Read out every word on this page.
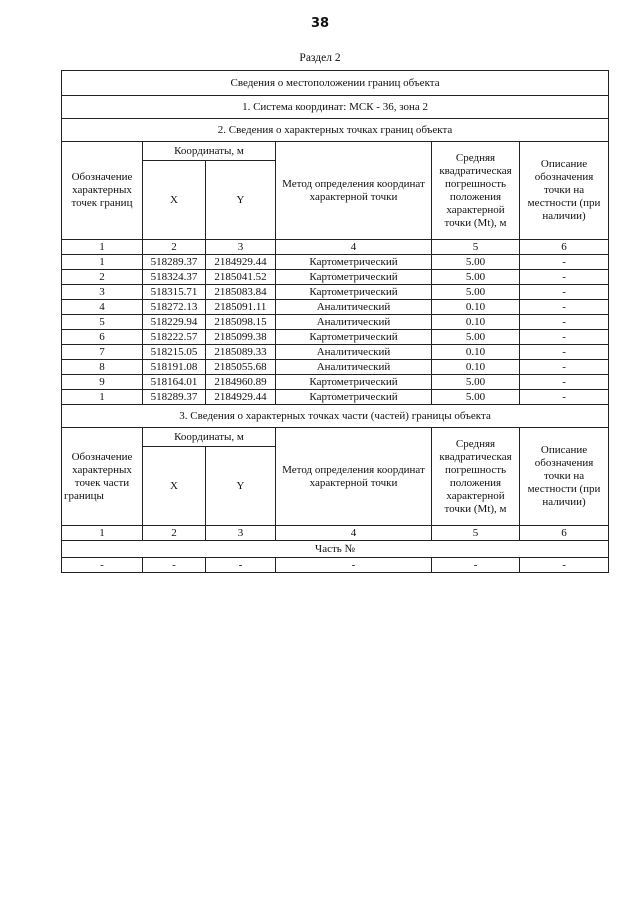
38
Раздел 2
Сведения о местоположении границ объекта					
1. Система координат: МСК - 36, зона 2					
2. Сведения о характерных точках границ объекта					
Обозначение характерных точек границ	Координаты, м		Метод определения координат характерной точки	Средняя квадратическая погрешность положения характерной точки (Mt), м	Описание обозначения точки на местности (при наличии)
	X	Y			
1	2	3	4	5	6
1	518289.37	2184929.44	Картометрический	5.00	-
2	518324.37	2185041.52	Картометрический	5.00	-
3	518315.71	2185083.84	Картометрический	5.00	-
4	518272.13	2185091.11	Аналитический	0.10	-
5	518229.94	2185098.15	Аналитический	0.10	-
6	518222.57	2185099.38	Картометрический	5.00	-
7	518215.05	2185089.33	Аналитический	0.10	-
8	518191.08	2185055.68	Аналитический	0.10	-
9	518164.01	2184960.89	Картометрический	5.00	-
1	518289.37	2184929.44	Картометрический	5.00	-
3. Сведения о характерных точках части (частей) границы объекта					
Обозначение характерных точек части границы	Координаты, м		Метод определения координат характерной точки	Средняя квадратическая погрешность положения характерной точки (Mt), м	Описание обозначения точки на местности (при наличии)
	X	Y			
1	2	3	4	5	6
Часть №					
-	-	-	-	-	-
